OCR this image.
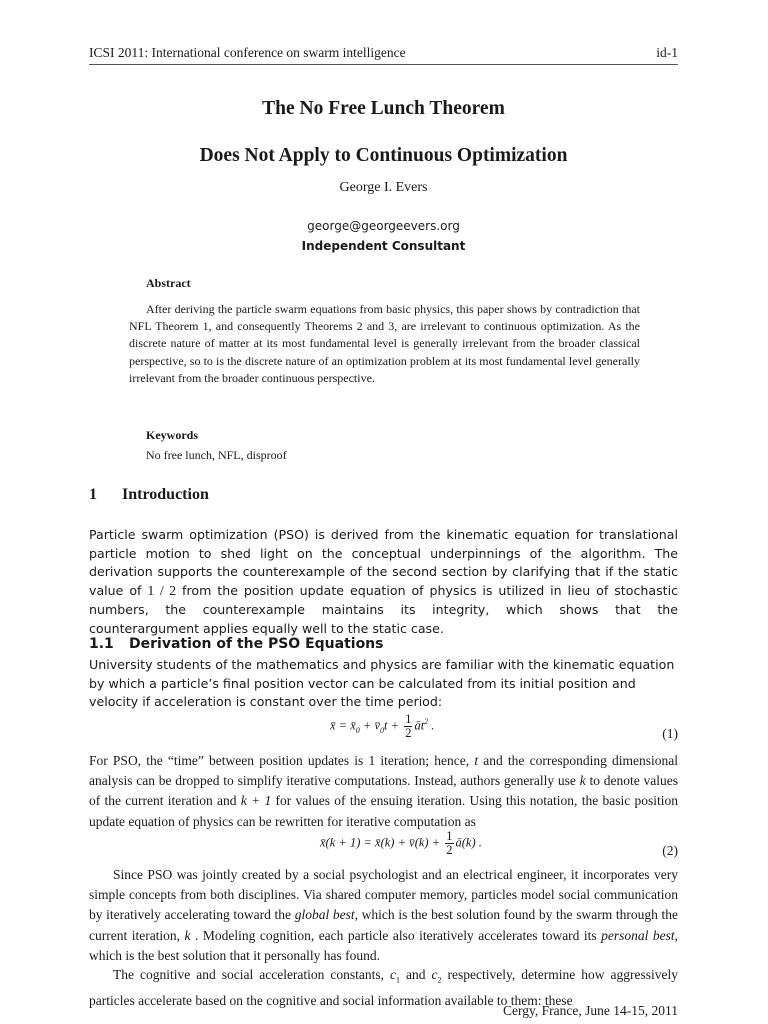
ICSI 2011: International conference on swarm intelligence	id-1
The No Free Lunch Theorem
Does Not Apply to Continuous Optimization
George I. Evers
george@georgeevers.org
Independent Consultant
Abstract
After deriving the particle swarm equations from basic physics, this paper shows by contradiction that NFL Theorem 1, and consequently Theorems 2 and 3, are irrelevant to continuous optimization. As the discrete nature of matter at its most fundamental level is generally irrelevant from the broader classical perspective, so to is the discrete nature of an optimization problem at its most fundamental level generally irrelevant from the broader continuous perspective.
Keywords
No free lunch, NFL, disproof
1 Introduction
Particle swarm optimization (PSO) is derived from the kinematic equation for translational particle motion to shed light on the conceptual underpinnings of the algorithm. The derivation supports the counterexample of the second section by clarifying that if the static value of 1 / 2 from the position update equation of physics is utilized in lieu of stochastic numbers, the counterexample maintains its integrity, which shows that the counterargument applies equally well to the static case.
1.1 Derivation of the PSO Equations
University students of the mathematics and physics are familiar with the kinematic equation by which a particle’s final position vector can be calculated from its initial position and velocity if acceleration is constant over the time period:
x̄ = $x̄_0$ + $v̄_0t + \frac{1}{2}$ $āt^2$ .
(1)
For PSO, the “time” between position updates is 1 iteration; hence, t and the corresponding dimensional analysis can be dropped to simplify iterative computations. Instead, authors generally use k to denote values of the current iteration and k + 1 for values of the ensuing iteration. Using this notation, the basic position update equation of physics can be rewritten for iterative computation as
x̄(k + 1) = x̄(k) + v̄(k) + $\frac{1}{2}$ ā(k) .
(2)
Since PSO was jointly created by a social psychologist and an electrical engineer, it incorporates very simple concepts from both disciplines. Via shared computer memory, particles model social communication by iteratively accelerating toward the global best, which is the best solution found by the swarm through the current iteration, k . Modeling cognition, each particle also iteratively accelerates toward its personal best, which is the best solution that it personally has found.
The cognitive and social acceleration constants, $c_1$ and $c_2$ respectively, determine how aggressively particles accelerate based on the cognitive and social information available to them: these
Cergy, France, June 14-15, 2011
